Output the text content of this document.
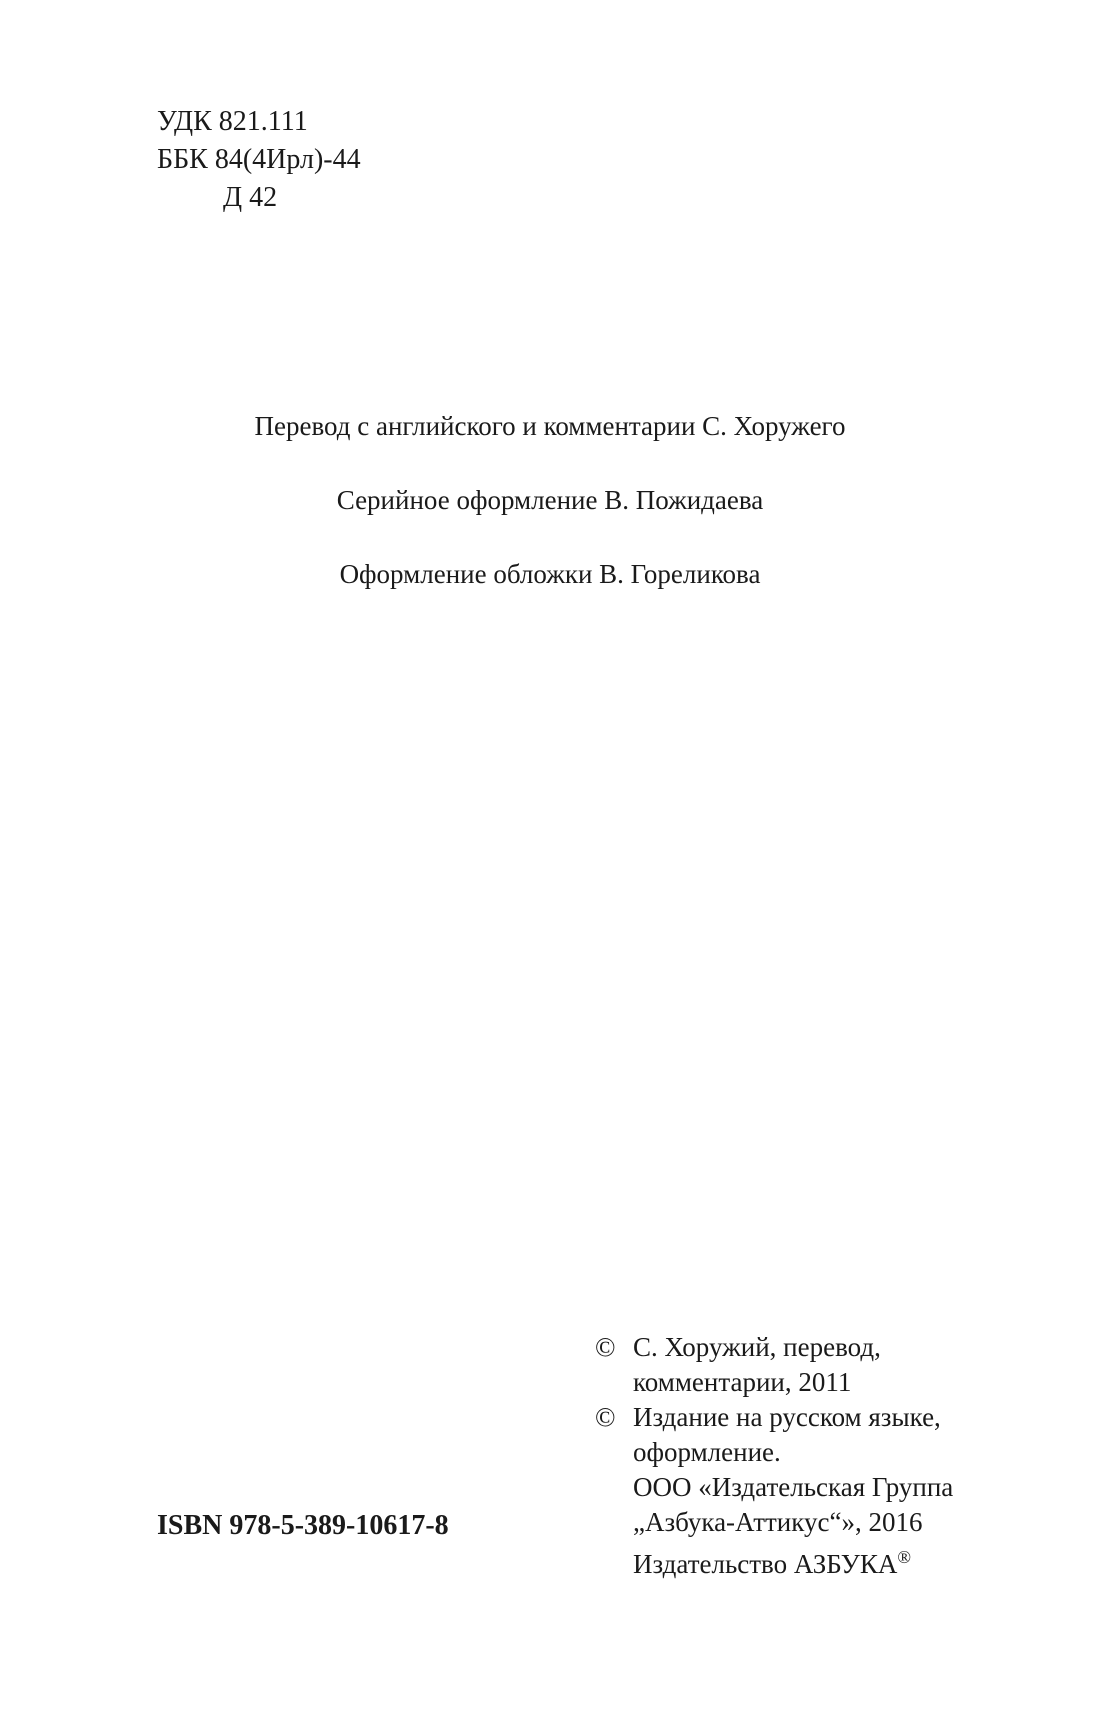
УДК 821.111
ББК 84(4Ирл)-44
Д 42
Перевод с английского и комментарии С. Хоружего
Серийное оформление В. Пожидаева
Оформление обложки В. Гореликова
© С. Хоружий, перевод,
комментарии, 2011
© Издание на русском языке,
оформление.
ООО «Издательская Группа
„Азбука-Аттикус“», 2016
Издательство АЗБУКА®
ISBN 978-5-389-10617-8
